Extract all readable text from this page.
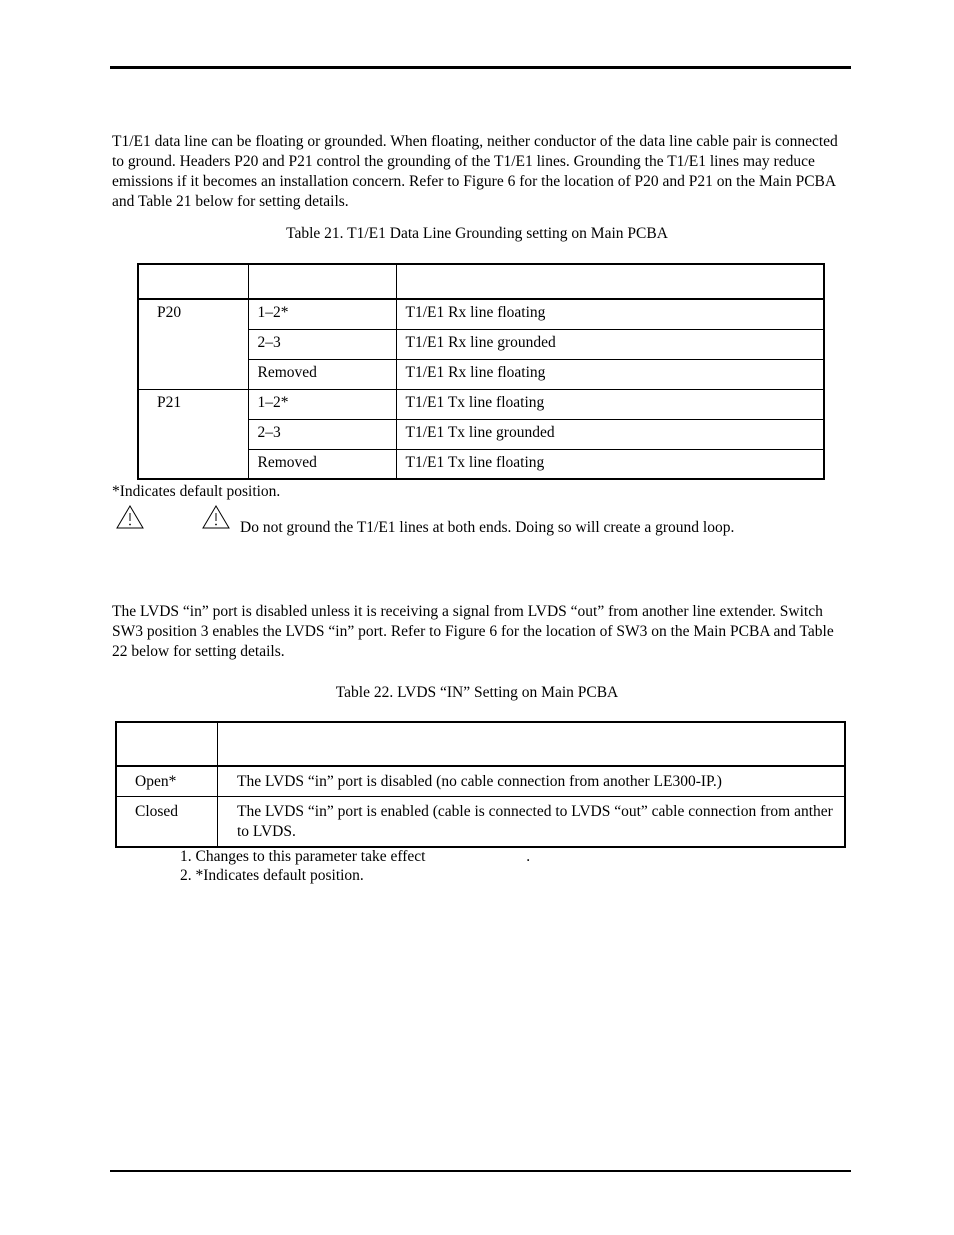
T1/E1 data line can be floating or grounded. When floating, neither conductor of the data line cable pair is connected to ground. Headers P20 and P21 control the grounding of the T1/E1 lines. Grounding the T1/E1 lines may reduce emissions if it becomes an installation concern. Refer to Figure 6 for the location of P20 and P21 on the Main PCBA and Table 21 below for setting details.

Table 21. T1/E1 Data Line Grounding setting on Main PCBA

P20	1–2*	T1/E1 Rx line floating
	2–3	T1/E1 Rx line grounded
	Removed	T1/E1 Rx line floating
P21	1–2*	T1/E1 Tx line floating
	2–3	T1/E1 Tx line grounded
	Removed	T1/E1 Tx line floating
*Indicates default position.
Do not ground the T1/E1 lines at both ends. Doing so will create a ground loop.

The LVDS “in” port is disabled unless it is receiving a signal from LVDS “out” from another line extender. Switch SW3 position 3 enables the LVDS “in” port. Refer to Figure 6 for the location of SW3 on the Main PCBA and Table 22 below for setting details.

Table 22. LVDS “IN” Setting on Main PCBA

Open*	The LVDS “in” port is disabled (no cable connection from another LE300-IP.)
Closed	The LVDS “in” port is enabled (cable is connected to LVDS “out” cable connection from anther to LVDS.
1. Changes to this parameter take effect                          .
2. *Indicates default position.
